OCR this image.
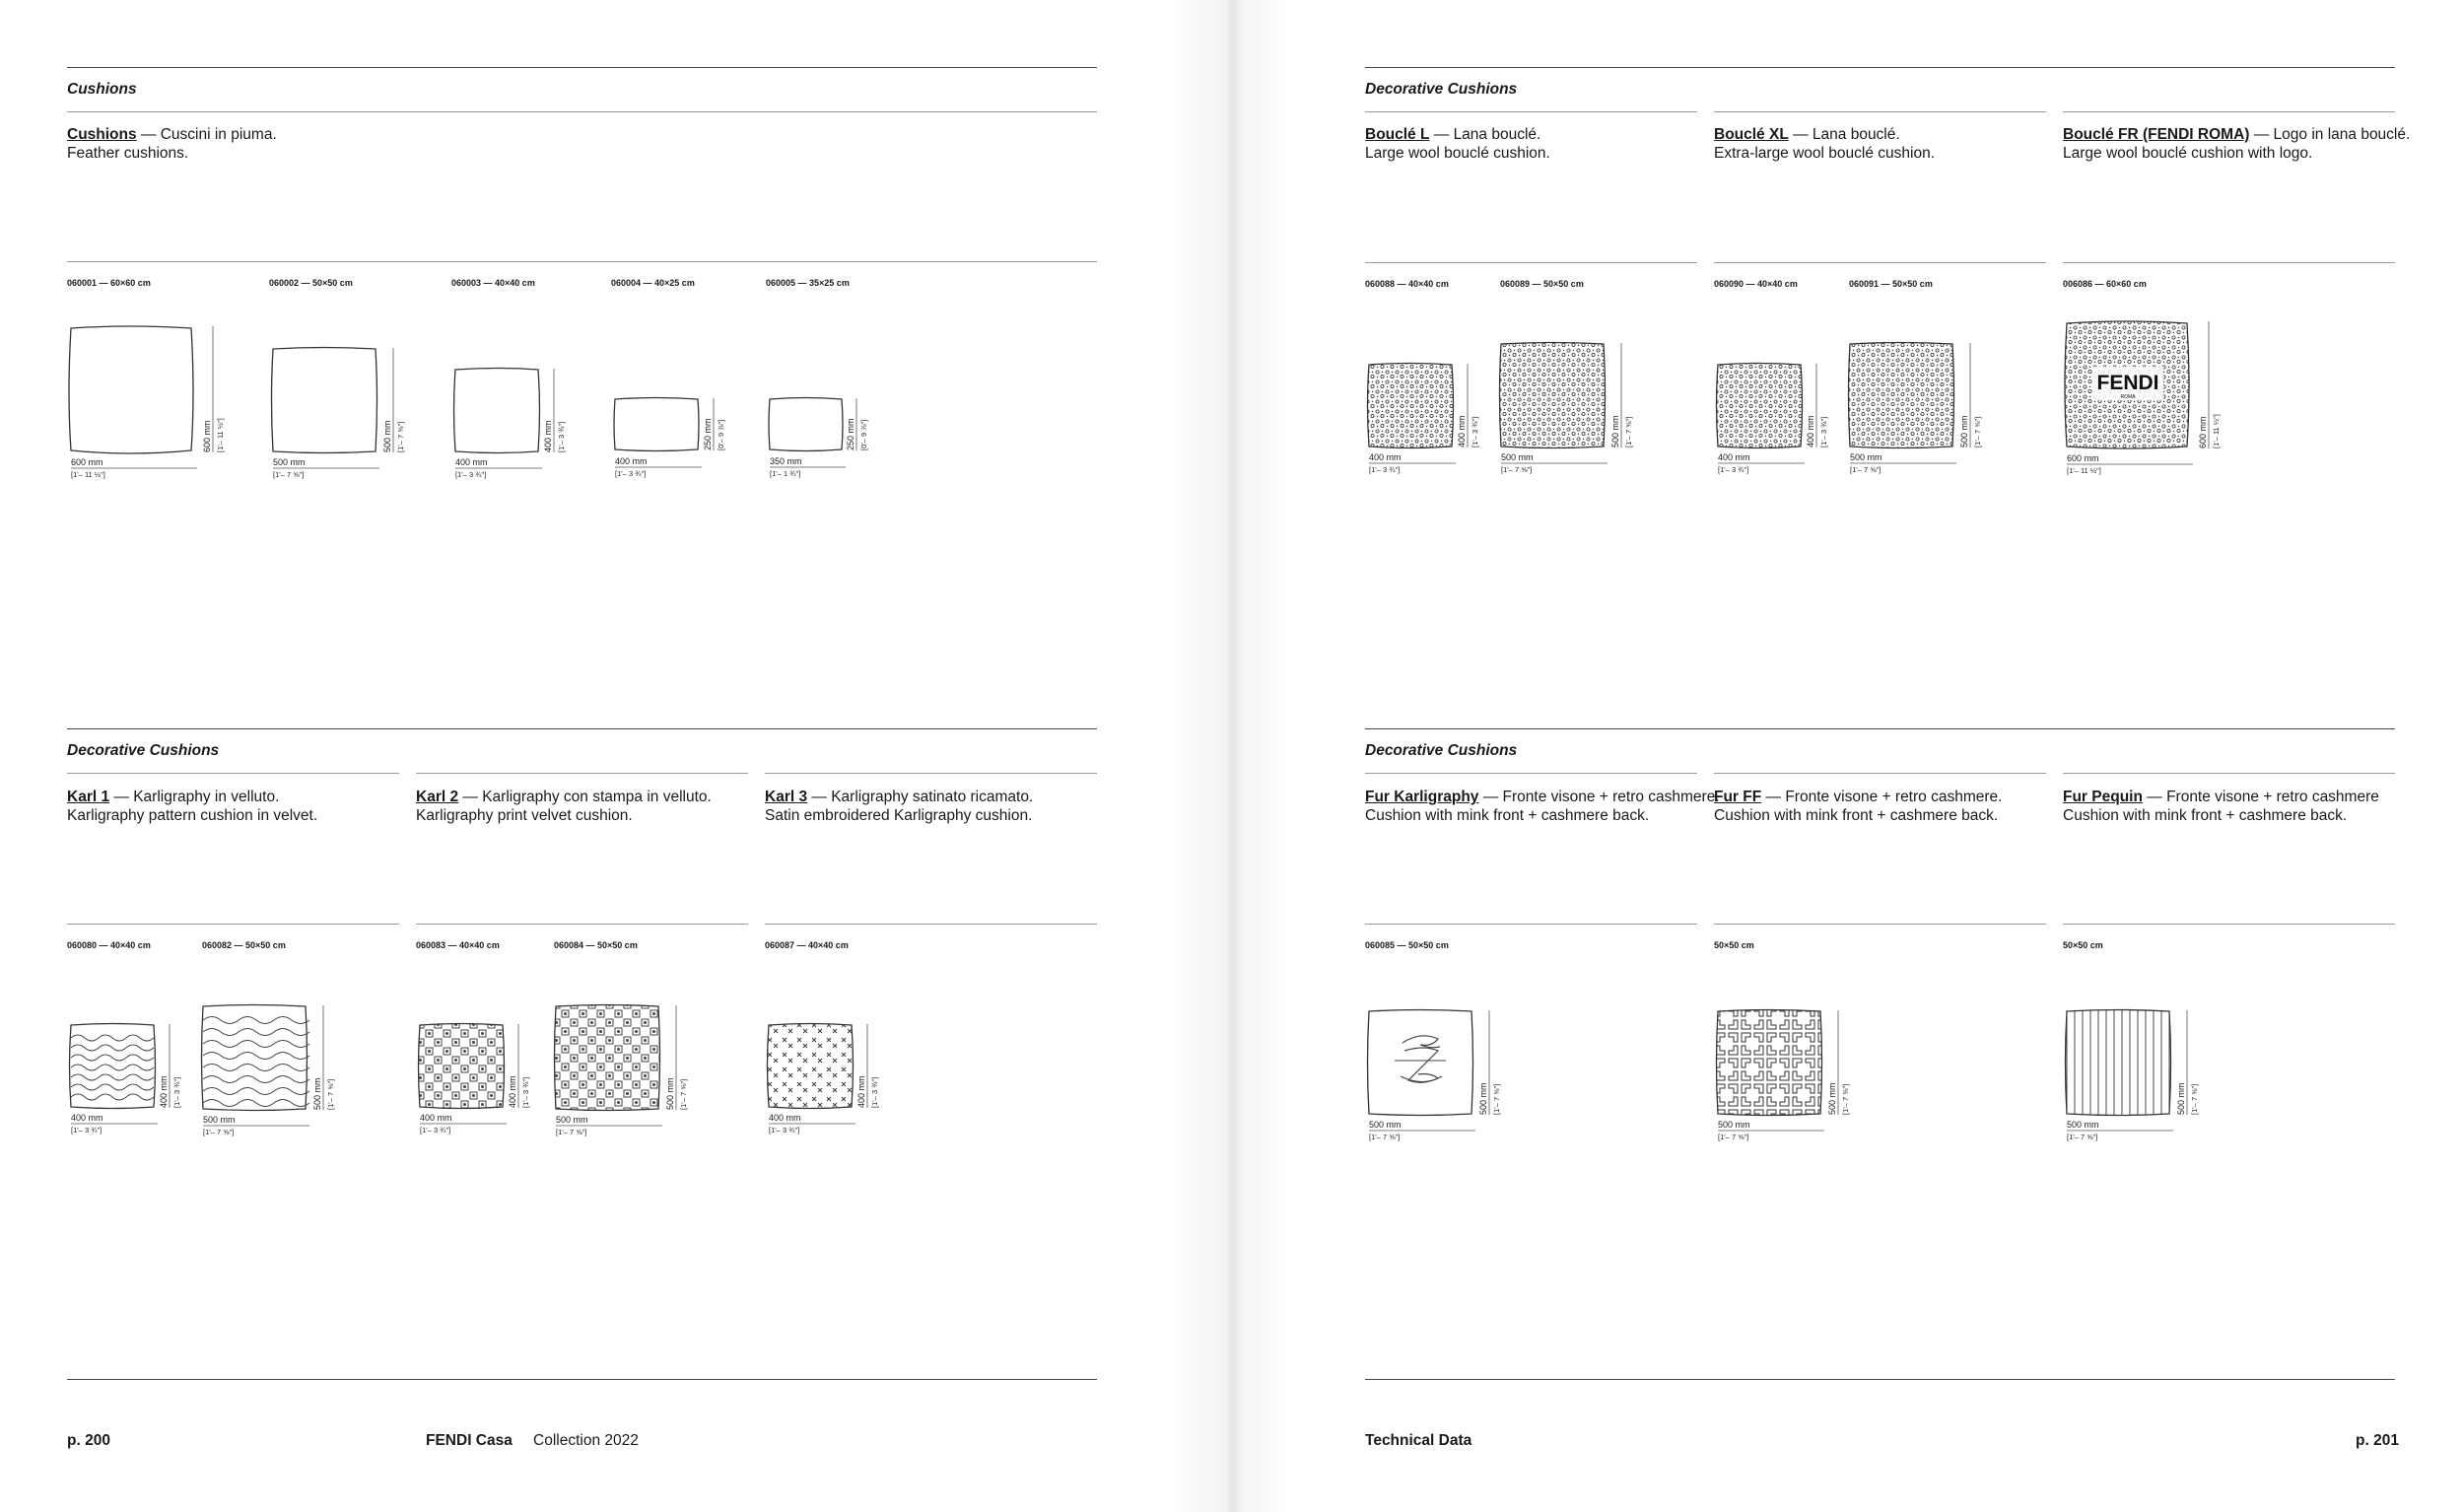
Cushions
Cushions — Cuscini in piuma.
Feather cushions.
060001 — 60×60 cm	060002 — 50×50 cm	060003 — 40×40 cm	060004 — 40×25 cm	060005 — 35×25 cm
600 mm
[1'– 11 ½"]
600 mm [1'– 11 ½"]
500 mm
[1'– 7 ⅝"]
500 mm [1'– 7 ⅝"]
400 mm
[1'– 3 ¾"]
400 mm [1'– 3 ¾"]
400 mm
[1'– 3 ¾"]
250 mm [0'– 9 ⅞"]
350 mm
[1'– 1 ¾"]
250 mm [0'– 9 ⅞"]
Decorative Cushions
Karl 1 — Karligraphy in velluto.
Karligraphy pattern cushion in velvet.
Karl 2 — Karligraphy con stampa in velluto.
Karligraphy print velvet cushion.
Karl 3 — Karligraphy satinato ricamato.
Satin embroidered Karligraphy cushion.
060080 — 40×40 cm	060082 — 50×50 cm	060083 — 40×40 cm	060084 — 50×50 cm	060087 — 40×40 cm
400 mm
[1'– 3 ¾"]
400 mm [1'– 3 ¾"]
500 mm
[1'– 7 ⅝"]
500 mm [1'– 7 ⅝"]
400 mm
[1'– 3 ¾"]
400 mm [1'– 3 ¾"]
500 mm
[1'– 7 ⅝"]
500 mm [1'– 7 ⅝"]
400 mm
[1'– 3 ¾"]
400 mm [1'– 3 ¾"]
p. 200	FENDI Casa Collection 2022
Decorative Cushions
Bouclé L — Lana bouclé.
Large wool bouclé cushion.
Bouclé XL — Lana bouclé.
Extra-large wool bouclé cushion.
Bouclé FR (FENDI ROMA) — Logo in lana bouclé.
Large wool bouclé cushion with logo.
060088 — 40×40 cm	060089 — 50×50 cm	060090 — 40×40 cm	060091 — 50×50 cm	006086 — 60×60 cm
400 mm
[1'– 3 ¾"]
400 mm [1'– 3 ¾"]
500 mm
[1'– 7 ⅝"]
500 mm [1'– 7 ⅝"]
400 mm
[1'– 3 ¾"]
400 mm [1'– 3 ¾"]
500 mm
[1'– 7 ⅝"]
500 mm [1'– 7 ⅝"]
FENDI
ROMA
600 mm
[1'– 11 ½"]
600 mm [1'– 11 ½"]
Decorative Cushions
Fur Karligraphy — Fronte visone + retro cashmere.
Cushion with mink front + cashmere back.
Fur FF — Fronte visone + retro cashmere.
Cushion with mink front + cashmere back.
Fur Pequin — Fronte visone + retro cashmere
Cushion with mink front + cashmere back.
060085 — 50×50 cm	50×50 cm	50×50 cm
500 mm
[1'– 7 ⅝"]
500 mm [1'– 7 ⅝"]
500 mm
[1'– 7 ⅝"]
500 mm [1'– 7 ⅝"]
500 mm
[1'– 7 ⅝"]
500 mm [1'– 7 ⅝"]
Technical Data	p. 201
